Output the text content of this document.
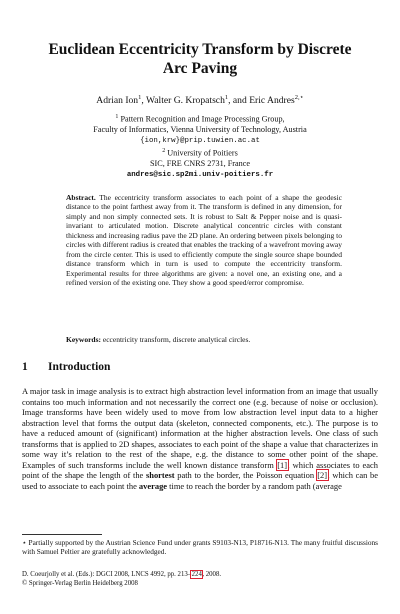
Euclidean Eccentricity Transform by Discrete
Arc Paving
Adrian Ion$^1$, Walter G. Kropatsch$^1$, and Eric Andres$^{2,⋆}$
$^1$ Pattern Recognition and Image Processing Group,
Faculty of Informatics, Vienna University of Technology, Austria
{ion,krw}@prip.tuwien.ac.at
$^2$ University of Poitiers
SIC, FRE CNRS 2731, France
andres@sic.sp2mi.univ-poitiers.fr
Abstract. The eccentricity transform associates to each point of a shape the geodesic distance to the point farthest away from it. The transform is defined in any dimension, for simply and non simply connected sets. It is robust to Salt & Pepper noise and is quasi-invariant to articulated motion. Discrete analytical concentric circles with constant thickness and increasing radius pave the 2D plane. An ordering between pixels belonging to circles with different radius is created that enables the tracking of a wavefront moving away from the circle center. This is used to efficiently compute the single source shape bounded distance transform which in turn is used to compute the eccentricity transform. Experimental results for three algorithms are given: a novel one, an existing one, and a refined version of the existing one. They show a good speed/error compromise.
Keywords: eccentricity transform, discrete analytical circles.
1 Introduction
A major task in image analysis is to extract high abstraction level information from an image that usually contains too much information and not necessarily the correct one (e.g. because of noise or occlusion). Image transforms have been widely used to move from low abstraction level input data to a higher abstraction level that forms the output data (skeleton, connected components, etc.). The purpose is to have a reduced amount of (significant) information at the higher abstraction levels. One class of such transforms that is applied to 2D shapes, associates to each point of the shape a value that characterizes in some way it’s relation to the rest of the shape, e.g. the distance to some other point of the shape. Examples of such transforms include the well known distance transform [1], which associates to each point of the shape the length of the shortest path to the border, the Poisson equation [2], which can be used to associate to each point the average time to reach the border by a random path (average
⋆ Partially supported by the Austrian Science Fund under grants S9103-N13, P18716-N13. The many fruitful discussions with Samuel Peltier are gratefully acknowledged.
D. Coeurjolly et al. (Eds.): DGCI 2008, LNCS 4992, pp. 213–224, 2008.
© Springer-Verlag Berlin Heidelberg 2008
